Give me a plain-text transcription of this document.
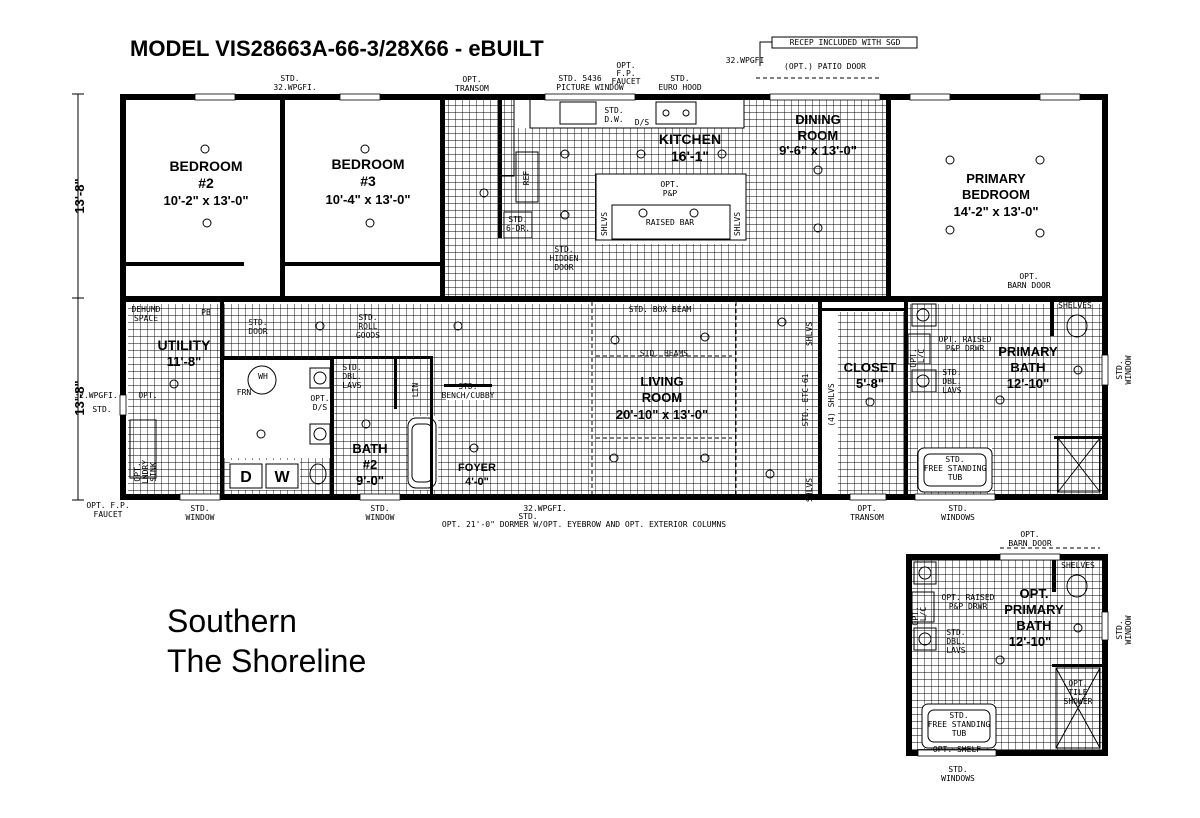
MODEL VIS28663A-66-3/28X66 - eBUILT	RECEP INCLUDED WITH SGD
32.WPGFI
(OPT.) PATIO DOOR
13'-8"
13'-8"
BEDROOM
#2
10'-2" x 13'-0"
BEDROOM
#3
10'-4" x 13'-0"
KITCHEN
16'-1"
DINING
ROOM
9'-6" x 13'-0"
PRIMARY
BEDROOM
14'-2" x 13'-0"
UTILITY
11'-8"
BATH
#2
9'-0"
FOYER
4'-0"
LIVING
ROOM
20'-10" x 13'-0"
CLOSET
5'-8"
PRIMARY
BATH
12'-10"
STD.
32.WPGFI.
OPT.
TRANSOM
STD. 5436
PICTURE WINDOW
OPT.
F.P.
FAUCET	STD.
EURO HOOD
STD.
D.W. D/S
REF
STD.
6-DR.
OPT.
P&P
RAISED BAR
SHLVS	SHLVS
STD.
HIDDEN
DOOR
OPT.
BARN DOOR
DEHUMD
SPACE
PB
STD.
DOOR
STD.
ROLL
GOODS
STD. BOX BEAM
STD. BEAMS
FRN
WH
STD.
DBL.
LAVS
OPT.
D/S
LIN	STD.
BENCH/CUBBY
32.WPGFI.
STD.
OPT.
OPT. LNDRY SINK	D W
STD. ETC-61 (4) SHLVS
SHLVS
SHLVS
OPT. RAISED
P&P DRWR
STD.
DBL.
LAVS
OPT. L/C
SHELVES
STD. WINDOW
STD.
FREE STANDING
TUB
OPT. F.P.
FAUCET
STD.
WINDOW
STD.
WINDOW
32.WPGFI.
STD.
OPT. 21'-0" DORMER W/OPT. EYEBROW AND OPT. EXTERIOR COLUMNS
OPT.
TRANSOM
STD.
WINDOWS
OPT.
PRIMARY
BATH
12'-10"
OPT.
BARN DOOR
SHELVES
OPT. RAISED
P&P DRWR
STD.
DBL.
LAVS
OPT. L/C
OPT.
TILE
SHOWER
STD.
FREE STANDING
TUB
OPT. SHELF
STD. WINDOW
STD.
WINDOWS
Southern
The Shoreline
